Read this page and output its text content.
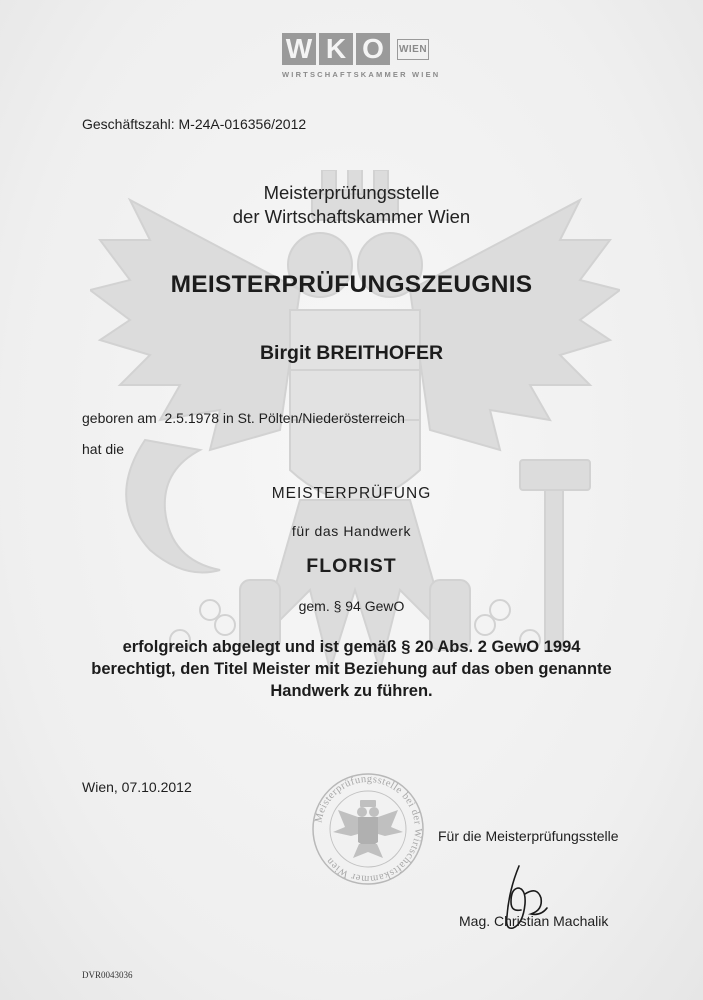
W K O	WIEN
WIRTSCHAFTSKAMMER WIEN
Geschäftszahl: M-24A-016356/2012
Meisterprüfungsstelle
der Wirtschaftskammer Wien
MEISTERPRÜFUNGSZEUGNIS
Birgit BREITHOFER
geboren am  2.5.1978 in St. Pölten/Niederösterreich
hat die
MEISTERPRÜFUNG
für das Handwerk
FLORIST
gem. § 94 GewO
erfolgreich abgelegt und ist gemäß § 20 Abs. 2 GewO 1994
berechtigt, den Titel Meister mit Beziehung auf das oben genannte
Handwerk zu führen.
Wien, 07.10.2012
Meisterprüfungsstelle bei der Wirtschaftskammer Wien
Für die Meisterprüfungsstelle
Mag. Christian Machalik
DVR0043036
